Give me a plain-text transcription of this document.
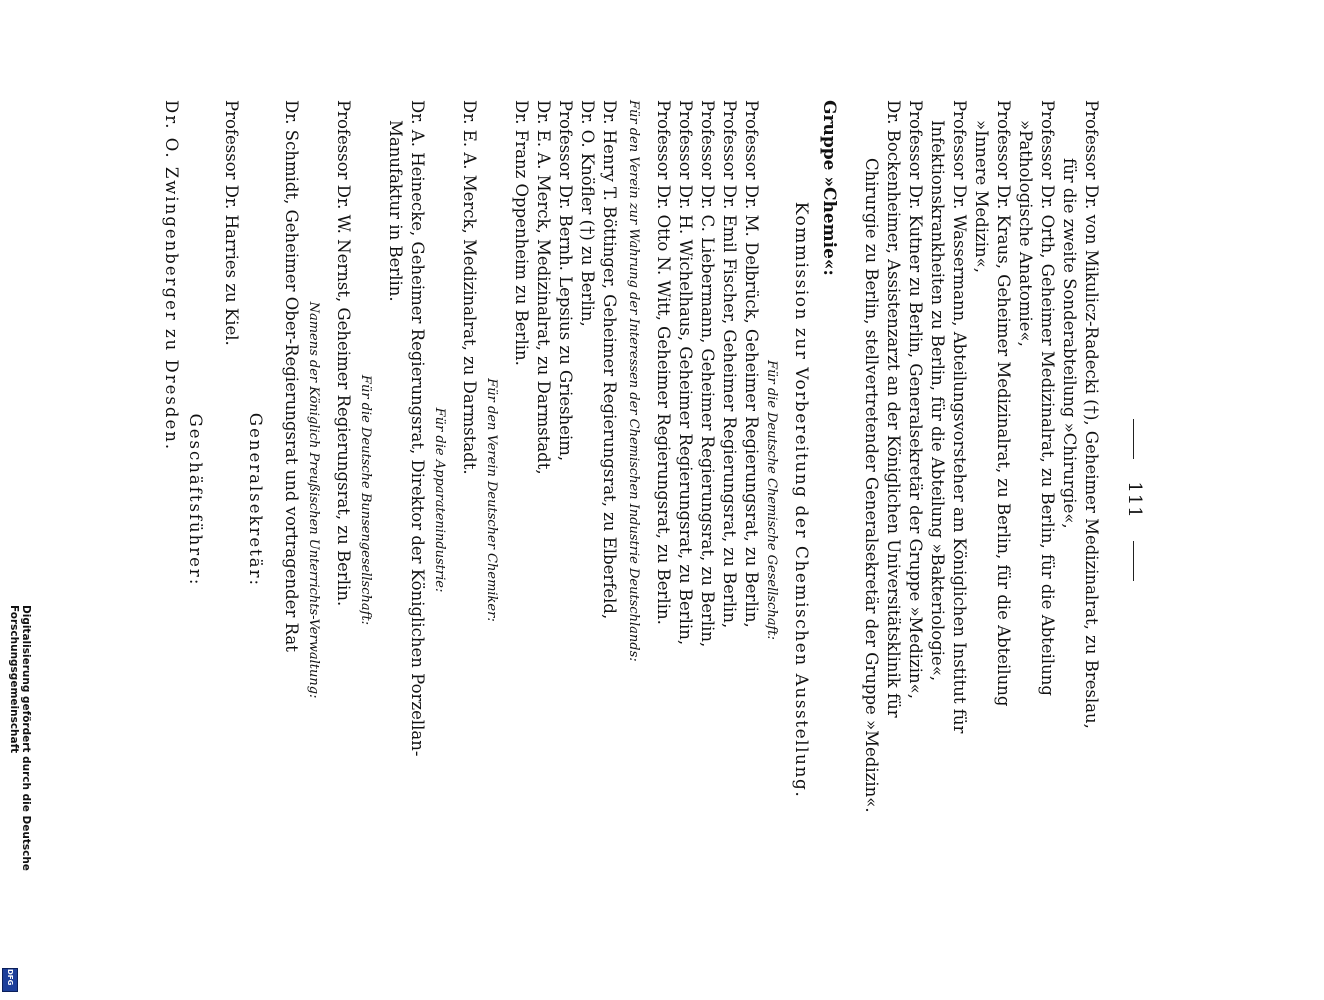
111
Professor Dr. von Mikulicz-Radecki (†), Geheimer Medizinalrat, zu Breslau,
für die zweite Sonderabteilung »Chirurgie«,
Professor Dr. Orth, Geheimer Medizinalrat, zu Berlin, für die Abteilung
»Pathologische Anatomie«,
Professor Dr. Kraus, Geheimer Medizinalrat, zu Berlin, für die Abteilung
»Innere Medizin«,
Professor Dr. Wassermann, Abteilungsvorsteher am Königlichen Institut für
Infektionskrankheiten zu Berlin, für die Abteilung »Bakteriologie«,
Professor Dr. Kutner zu Berlin, Generalsekretär der Gruppe »Medizin«,
Dr. Bockenheimer, Assistenzarzt an der Königlichen Universitätsklinik für
Chirurgie zu Berlin, stellvertretender Generalsekretär der Gruppe »Medizin«.
Gruppe »Chemie«:
Kommission zur Vorbereitung der Chemischen Ausstellung.
Für die Deutsche Chemische Gesellschaft:
Professor Dr. M. Delbrück, Geheimer Regierungsrat, zu Berlin,
Professor Dr. Emil Fischer, Geheimer Regierungsrat, zu Berlin,
Professor Dr. C. Liebermann, Geheimer Regierungsrat, zu Berlin,
Professor Dr. H. Wichelhaus, Geheimer Regierungsrat, zu Berlin,
Professor Dr. Otto N. Witt, Geheimer Regierungsrat, zu Berlin.
Für den Verein zur Wahrung der Interessen der Chemischen Industrie Deutschlands:
Dr. Henry T. Böttinger, Geheimer Regierungsrat, zu Elberfeld,
Dr. O. Knöfler (†) zu Berlin,
Professor Dr. Bernh. Lepsius zu Griesheim,
Dr. E. A. Merck, Medizinalrat, zu Darmstadt,
Dr. Franz Oppenheim zu Berlin.
Für den Verein Deutscher Chemiker:
Dr. E. A. Merck, Medizinalrat, zu Darmstadt.
Für die Apparatenindustrie:
Dr. A. Heinecke, Geheimer Regierungsrat, Direktor der Königlichen Porzellan-
Manufaktur in Berlin.
Für die Deutsche Bunsengesellschaft:
Professor Dr. W. Nernst, Geheimer Regierungsrat, zu Berlin.
Namens der Königlich Preußischen Unterrichts-Verwaltung:
Dr. Schmidt, Geheimer Ober-Regierungsrat und vortragender Rat
Generalsekretär:
Professor Dr. Harries zu Kiel.
Geschäftsführer:
Dr. O. Zwingenberger zu Dresden.
Digitalisierung gefördert durch die Deutsche Forschungsgemeinschaft
DFG
